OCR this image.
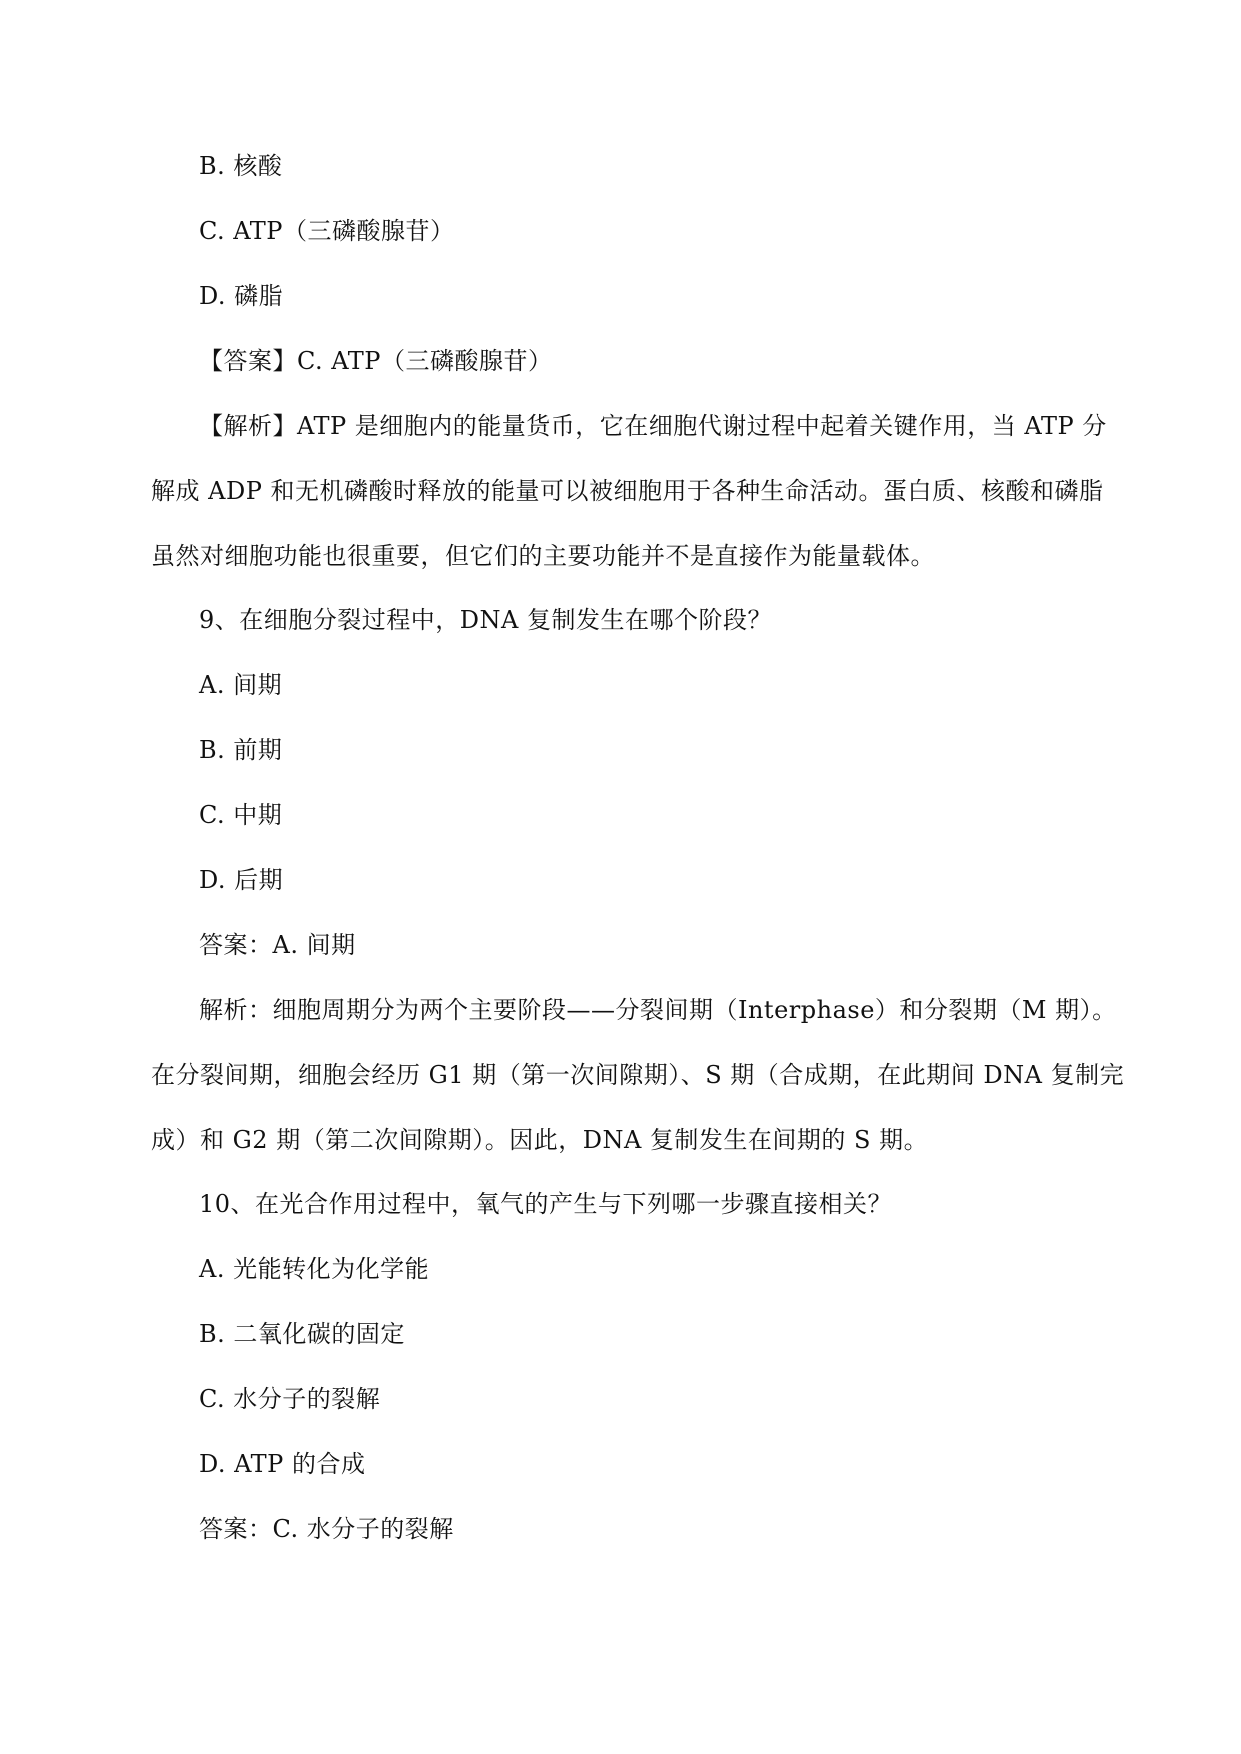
B. 核酸
C. ATP（三磷酸腺苷）
D. 磷脂
【答案】C. ATP（三磷酸腺苷）
【解析】ATP 是细胞内的能量货币，它在细胞代谢过程中起着关键作用，当 ATP 分
解成 ADP 和无机磷酸时释放的能量可以被细胞用于各种生命活动。蛋白质、核酸和磷脂
虽然对细胞功能也很重要，但它们的主要功能并不是直接作为能量载体。
9、在细胞分裂过程中，DNA 复制发生在哪个阶段？
A. 间期
B. 前期
C. 中期
D. 后期
答案：A. 间期
解析：细胞周期分为两个主要阶段——分裂间期（Interphase）和分裂期（M 期）。
在分裂间期，细胞会经历 G1 期（第一次间隙期）、S 期（合成期，在此期间 DNA 复制完
成）和 G2 期（第二次间隙期）。因此，DNA 复制发生在间期的 S 期。
10、在光合作用过程中，氧气的产生与下列哪一步骤直接相关？
A. 光能转化为化学能
B. 二氧化碳的固定
C. 水分子的裂解
D. ATP 的合成
答案：C. 水分子的裂解
